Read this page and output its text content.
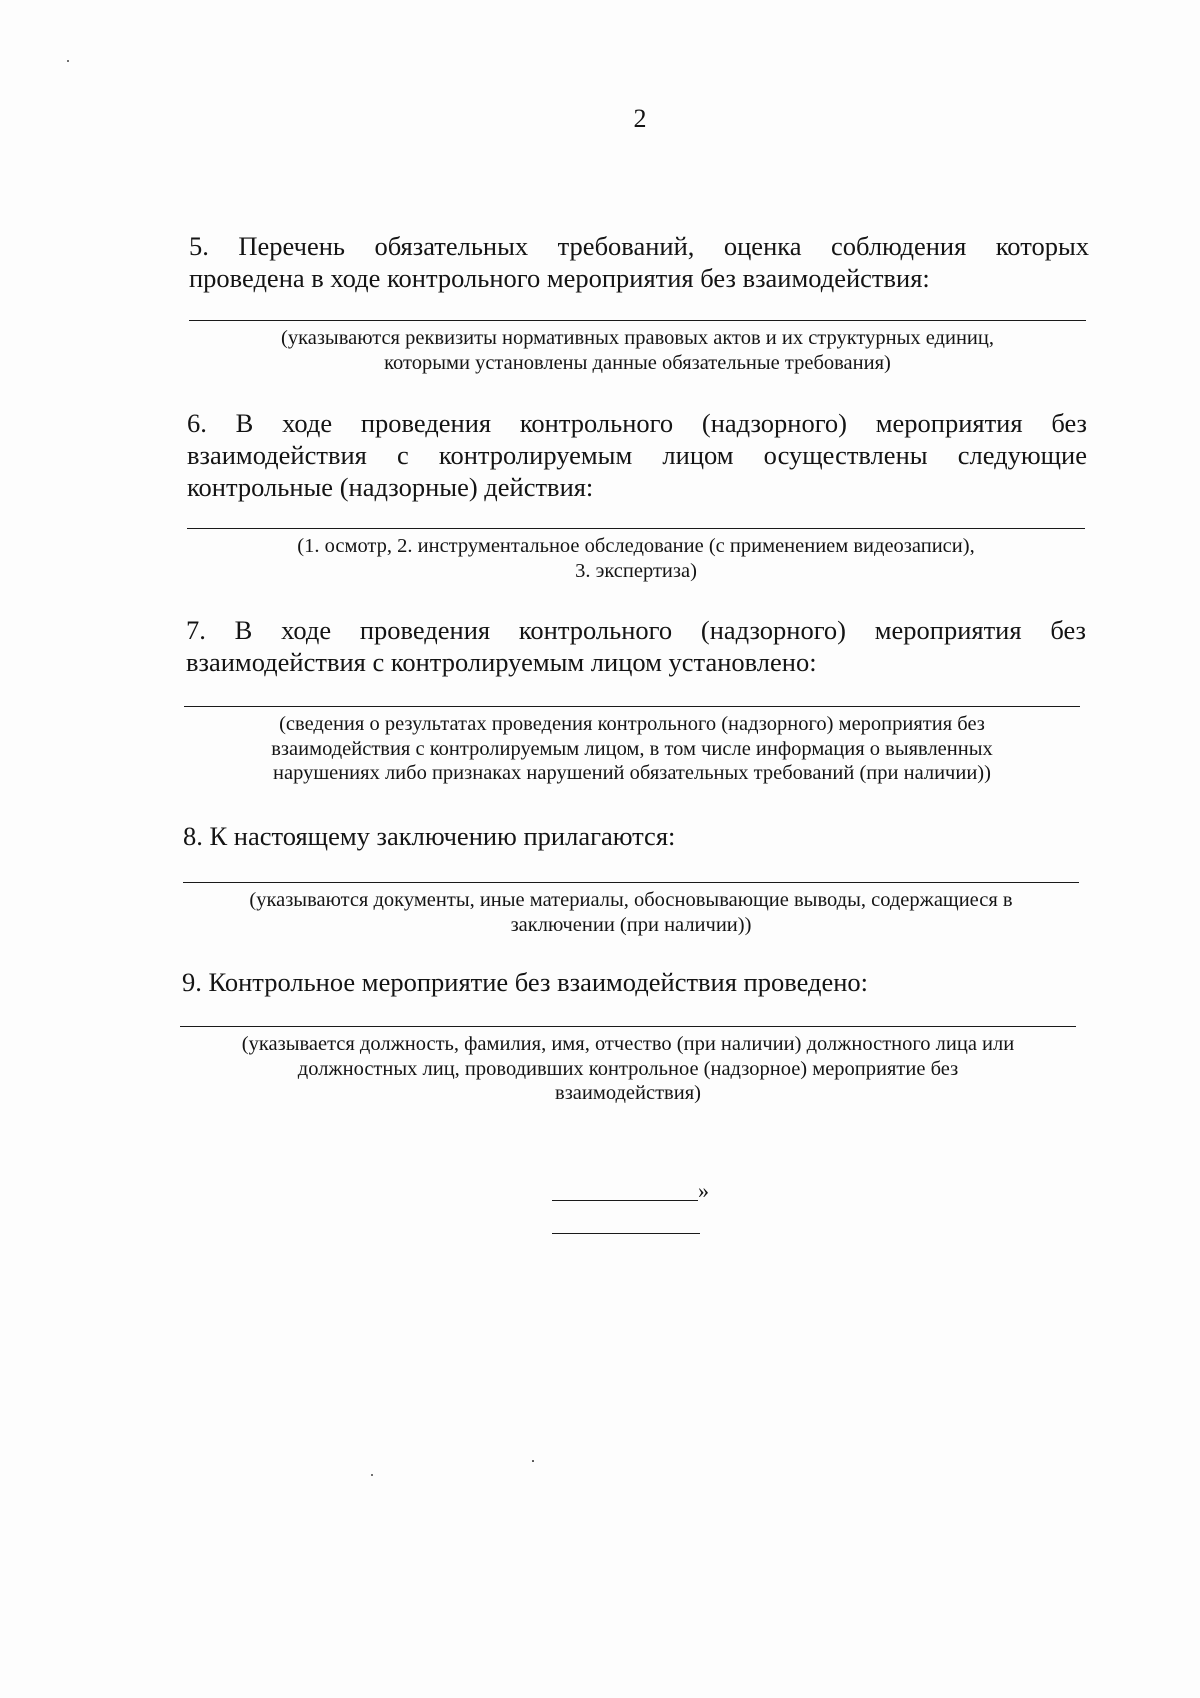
2
5. Перечень обязательных требований, оценка соблюдения которых
проведена в ходе контрольного мероприятия без взаимодействия:
(указываются реквизиты нормативных правовых актов и их структурных единиц,
которыми установлены данные обязательные требования)
6. В ходе проведения контрольного (надзорного) мероприятия без
взаимодействия с контролируемым лицом осуществлены следующие
контрольные (надзорные) действия:
(1. осмотр, 2. инструментальное обследование (с применением видеозаписи),
3. экспертиза)
7. В ходе проведения контрольного (надзорного) мероприятия без
взаимодействия с контролируемым лицом установлено:
(сведения о результатах проведения контрольного (надзорного) мероприятия без
взаимодействия с контролируемым лицом, в том числе информация о выявленных
нарушениях либо признаках нарушений обязательных требований (при наличии))
8. К настоящему заключению прилагаются:
(указываются документы, иные материалы, обосновывающие выводы, содержащиеся в
заключении (при наличии))
9. Контрольное мероприятие без взаимодействия проведено:
(указывается должность, фамилия, имя, отчество (при наличии) должностного лица или
должностных лиц, проводивших контрольное (надзорное) мероприятие без
взаимодействия)
»
